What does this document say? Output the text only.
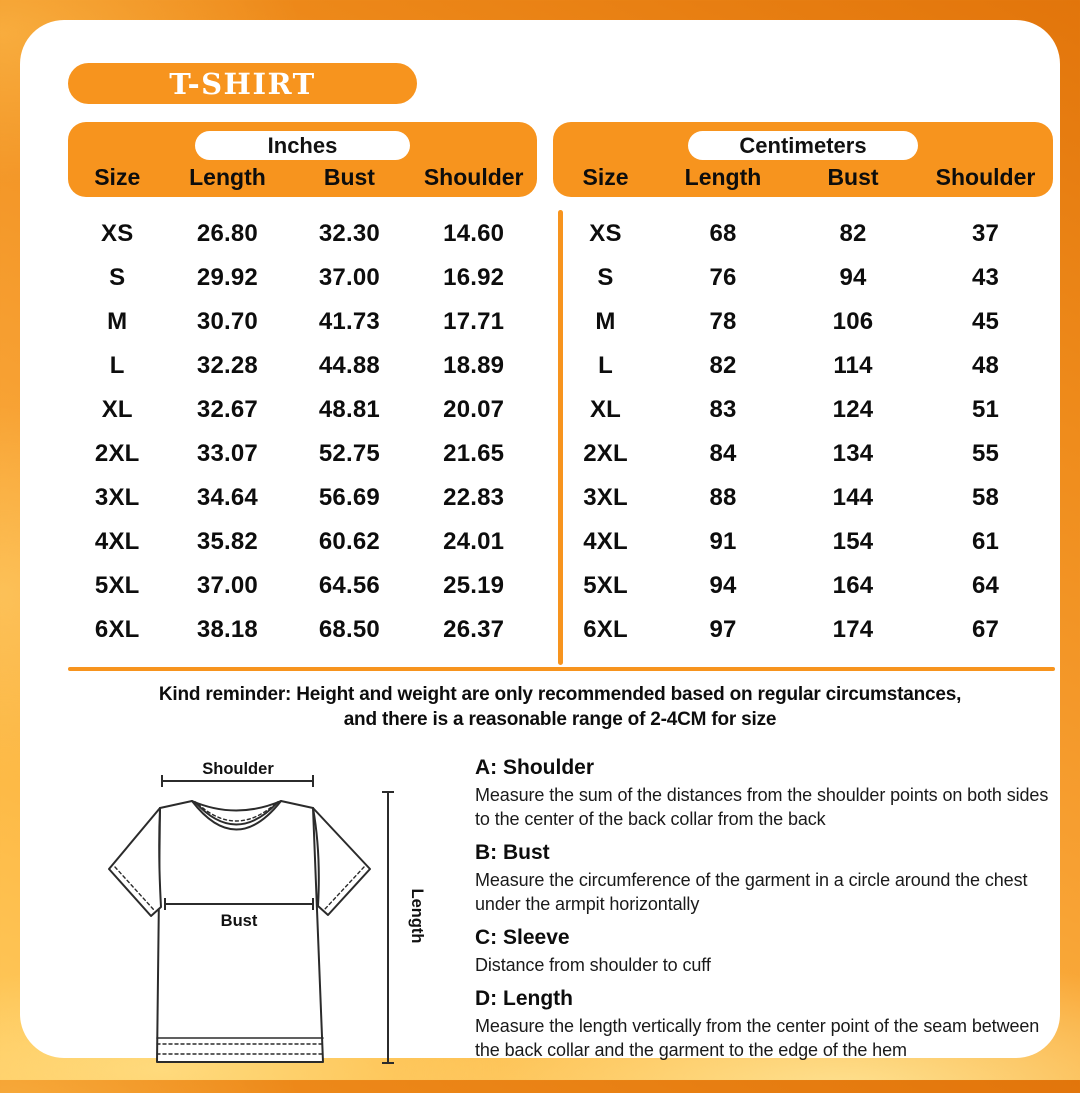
T-SHIRT
Inches
Size	Length	Bust	Shoulder
XS	26.80	32.30	14.60
S	29.92	37.00	16.92
M	30.70	41.73	17.71
L	32.28	44.88	18.89
XL	32.67	48.81	20.07
2XL	33.07	52.75	21.65
3XL	34.64	56.69	22.83
4XL	35.82	60.62	24.01
5XL	37.00	64.56	25.19
6XL	38.18	68.50	26.37
Centimeters
Size	Length	Bust	Shoulder
XS	68	82	37
S	76	94	43
M	78	106	45
L	82	114	48
XL	83	124	51
2XL	84	134	55
3XL	88	144	58
4XL	91	154	61
5XL	94	164	64
6XL	97	174	67
Kind reminder: Height and weight are only recommended based on regular circumstances,
and there is a reasonable range of 2-4CM for size
Shoulder
Bust	Length
A: Shoulder

Measure the sum of the distances from the shoulder points on both sides to the center of the back collar from the back

B: Bust

Measure the circumference of the garment in a circle around the chest under the armpit horizontally

C: Sleeve

Distance from shoulder to cuff

D: Length

Measure the length vertically from the center point of the seam between the back collar and the garment to the edge of the hem
